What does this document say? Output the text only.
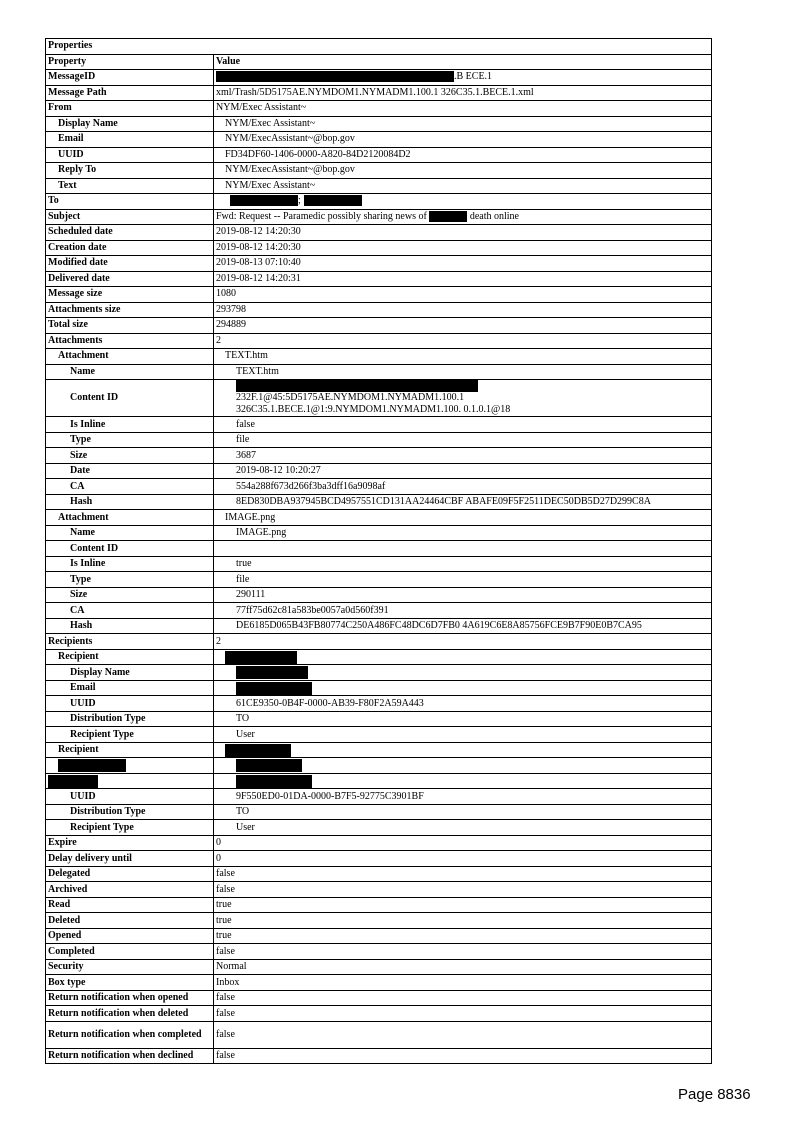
Properties	
Property	Value
MessageID	.B ECE.1
Message Path	xml/Trash/5D5175AE.NYMDOM1.NYMADM1.100.1 326C35.1.BECE.1.xml
From	NYM/Exec Assistant~
Display Name	NYM/Exec Assistant~
Email	NYM/ExecAssistant~@bop.gov
UUID	FD34DF60-1406-0000-A820-84D2120084D2
Reply To	NYM/ExecAssistant~@bop.gov
Text	NYM/Exec Assistant~
To	;
Subject	Fwd: Request -- Paramedic possibly sharing news of death online
Scheduled date	2019-08-12 14:20:30
Creation date	2019-08-12 14:20:30
Modified date	2019-08-13 07:10:40
Delivered date	2019-08-12 14:20:31
Message size	1080
Attachments size	293798
Total size	294889
Attachments	2
Attachment	TEXT.htm
Name	TEXT.htm
Content ID	232F.1@45:5D5175AE.NYMDOM1.NYMADM1.100.1
326C35.1.BECE.1@1:9.NYMDOM1.NYMADM1.100. 0.1.0.1@18

Is Inline	false
Type	file
Size	3687
Date	2019-08-12 10:20:27
CA	554a288f673d266f3ba3dff16a9098af
Hash	8ED830DBA937945BCD4957551CD131AA24464CBF ABAFE09F5F2511DEC50DB5D27D299C8A
Attachment	IMAGE.png
Name	IMAGE.png
Content ID	
Is Inline	true
Type	file
Size	290111
CA	77ff75d62c81a583be0057a0d560f391
Hash	DE6185D065B43FB80774C250A486FC48DC6D7FB0 4A619C6E8A85756FCE9B7F90E0B7CA95
Recipients	2
Recipient	
Display Name	
Email	
UUID	61CE9350-0B4F-0000-AB39-F80F2A59A443
Distribution Type	TO
Recipient Type	User
Recipient	

UUID	9F550ED0-01DA-0000-B7F5-92775C3901BF
Distribution Type	TO
Recipient Type	User
Expire	0
Delay delivery until	0
Delegated	false
Archived	false
Read	true
Deleted	true
Opened	true
Completed	false
Security	Normal
Box type	Inbox
Return notification when opened	false
Return notification when deleted	false
Return notification when completed	false
Return notification when declined	false
Page 8836
